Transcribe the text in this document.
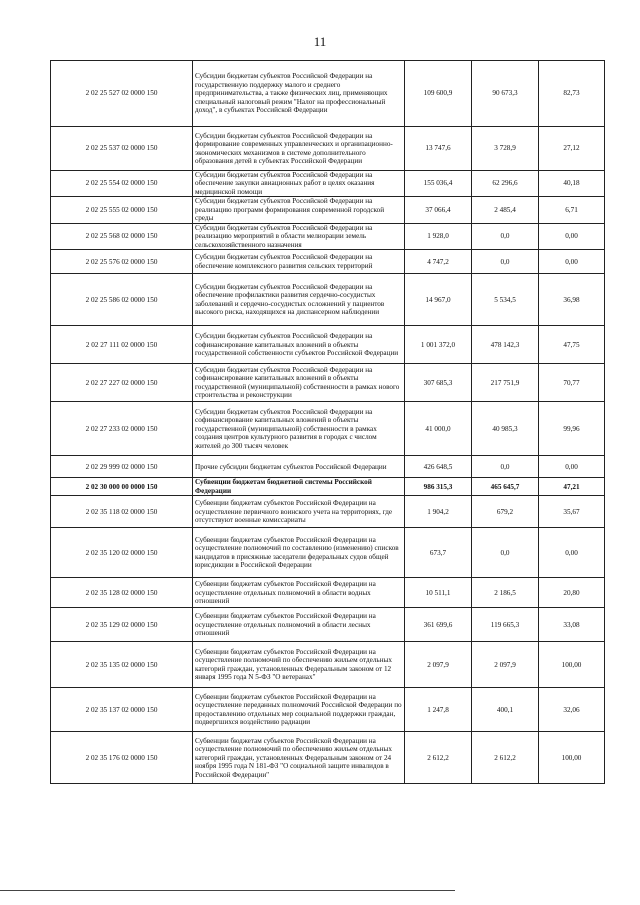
11
2 02 25 527 02 0000 150	Субсидии бюджетам субъектов Российской Федерации на государственную поддержку малого и среднего предпринимательства, а также физических лиц, применяющих специальный налоговый режим "Налог на профессиональный доход", в субъектах Российской Федерации	109 600,9	90 673,3	82,73
2 02 25 537 02 0000 150	Субсидии бюджетам субъектов Российской Федерации на формирование современных управленческих и организационно-экономических механизмов в системе дополнительного образования детей в субъектах Российской Федерации	13 747,6	3 728,9	27,12
2 02 25 554 02 0000 150	Субсидии бюджетам субъектов Российской Федерации на обеспечение закупки авиационных работ в целях оказания медицинской помощи	155 036,4	62 296,6	40,18
2 02 25 555 02 0000 150	Субсидии бюджетам субъектов Российской Федерации на реализацию программ формирования современной городской среды	37 066,4	2 485,4	6,71
2 02 25 568 02 0000 150	Субсидии бюджетам субъектов Российской Федерации на реализацию мероприятий в области мелиорации земель сельскохозяйственного назначения	1 928,0	0,0	0,00
2 02 25 576 02 0000 150	Субсидии бюджетам субъектов Российской Федерации на обеспечение комплексного развития сельских территорий	4 747,2	0,0	0,00
2 02 25 586 02 0000 150	Субсидии бюджетам субъектов Российской Федерации на обеспечение профилактики развития сердечно-сосудистых заболеваний и сердечно-сосудистых осложнений у пациентов высокого риска, находящихся на диспансерном наблюдении	14 967,0	5 534,5	36,98
2 02 27 111 02 0000 150	Субсидии бюджетам субъектов Российской Федерации на софинансирование капитальных вложений в объекты государственной собственности субъектов Российской Федерации	1 001 372,0	478 142,3	47,75
2 02 27 227 02 0000 150	Субсидии бюджетам субъектов Российской Федерации на софинансирование капитальных вложений в объекты государственной (муниципальной) собственности в рамках нового строительства и реконструкции	307 685,3	217 751,9	70,77
2 02 27 233 02 0000 150	Субсидии бюджетам субъектов Российской Федерации на софинансирование капитальных вложений в объекты государственной (муниципальной) собственности в рамках создания центров культурного развития в городах с числом жителей до 300 тысяч человек	41 000,0	40 985,3	99,96
2 02 29 999 02 0000 150	Прочие субсидии бюджетам субъектов Российской Федерации	426 648,5	0,0	0,00
2 02 30 000 00 0000 150	Субвенции бюджетам бюджетной системы Российской Федерации	986 315,3	465 645,7	47,21
2 02 35 118 02 0000 150	Субвенции бюджетам субъектов Российской Федерации на осуществление первичного воинского учета на территориях, где отсутствуют военные комиссариаты	1 904,2	679,2	35,67
2 02 35 120 02 0000 150	Субвенции бюджетам субъектов Российской Федерации на осуществление полномочий по составлению (изменению) списков кандидатов в присяжные заседатели федеральных судов общей юрисдикции в Российской Федерации	673,7	0,0	0,00
2 02 35 128 02 0000 150	Субвенции бюджетам субъектов Российской Федерации на осуществление отдельных полномочий в области водных отношений	10 511,1	2 186,5	20,80
2 02 35 129 02 0000 150	Субвенции бюджетам субъектов Российской Федерации на осуществление отдельных полномочий в области лесных отношений	361 699,6	119 665,3	33,08
2 02 35 135 02 0000 150	Субвенции бюджетам субъектов Российской Федерации на осуществление полномочий по обеспечению жильем отдельных категорий граждан, установленных Федеральным законом от 12 января 1995 года N 5-ФЗ "О ветеранах"	2 097,9	2 097,9	100,00
2 02 35 137 02 0000 150	Субвенции бюджетам субъектов Российской Федерации на осуществление переданных полномочий Российской Федерации по предоставлению отдельных мер социальной поддержки граждан, подвергшихся воздействию радиации	1 247,8	400,1	32,06
2 02 35 176 02 0000 150	Субвенции бюджетам субъектов Российской Федерации на осуществление полномочий по обеспечению жильем отдельных категорий граждан, установленных Федеральным законом от 24 ноября 1995 года N 181-ФЗ "О социальной защите инвалидов в Российской Федерации"	2 612,2	2 612,2	100,00
